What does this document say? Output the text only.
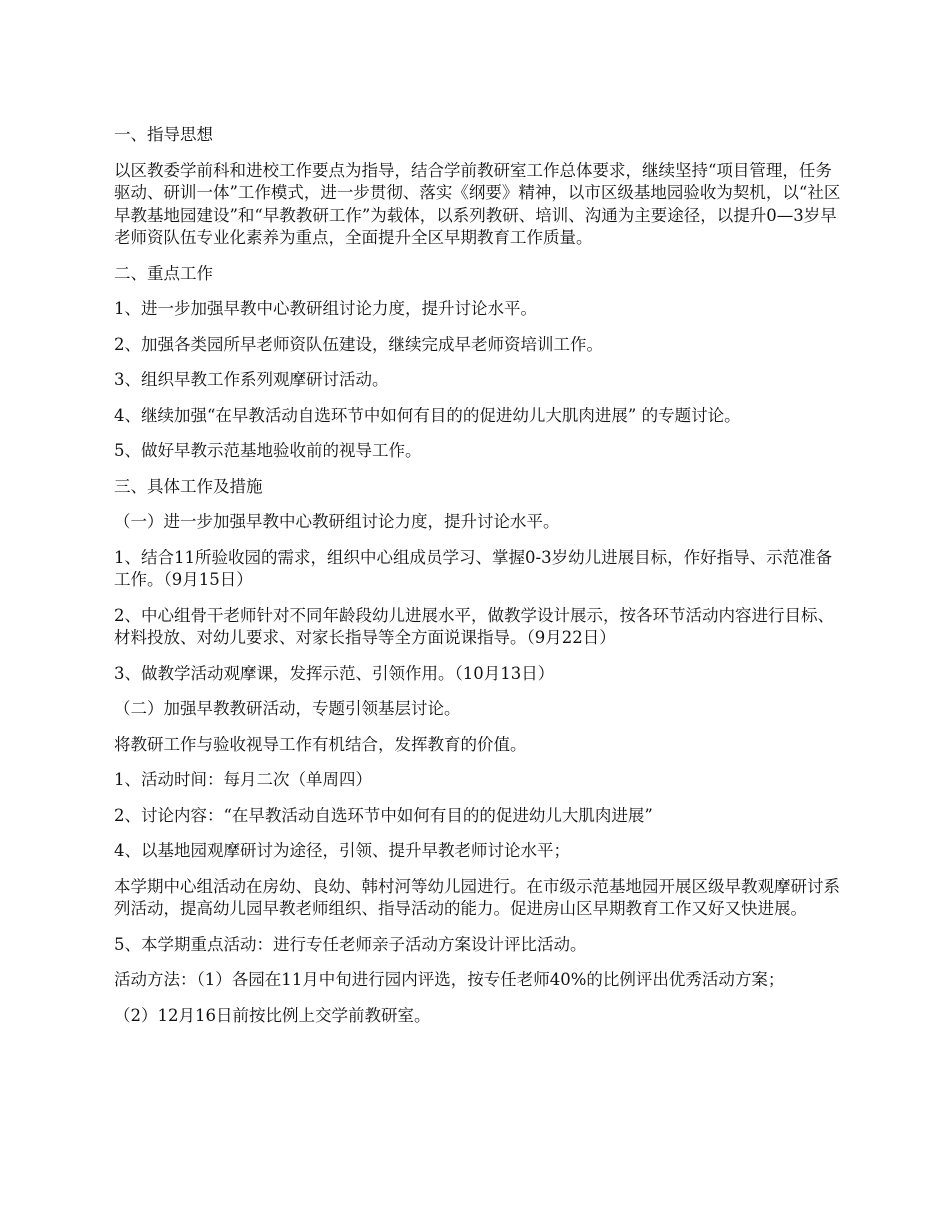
一、指导思想

以区教委学前科和进校工作要点为指导，结合学前教研室工作总体要求，继续坚持“项目管理，任务驱动、研训一体”工作模式，进一步贯彻、落实《纲要》精神，以市区级基地园验收为契机，以“社区早教基地园建设”和“早教教研工作”为载体，以系列教研、培训、沟通为主要途径，以提升0—3岁早老师资队伍专业化素养为重点，全面提升全区早期教育工作质量。

二、重点工作

1、进一步加强早教中心教研组讨论力度，提升讨论水平。

2、加强各类园所早老师资队伍建设，继续完成早老师资培训工作。

3、组织早教工作系列观摩研讨活动。

4、继续加强“在早教活动自选环节中如何有目的的促进幼儿大肌肉进展” 的专题讨论。

5、做好早教示范基地验收前的视导工作。

三、具体工作及措施

（一）进一步加强早教中心教研组讨论力度，提升讨论水平。

1、结合11所验收园的需求，组织中心组成员学习、掌握0-3岁幼儿进展目标，作好指导、示范准备工作。（9月15日）

2、中心组骨干老师针对不同年龄段幼儿进展水平，做教学设计展示，按各环节活动内容进行目标、材料投放、对幼儿要求、对家长指导等全方面说课指导。（9月22日）

3、做教学活动观摩课，发挥示范、引领作用。（10月13日）

（二）加强早教教研活动，专题引领基层讨论。

将教研工作与验收视导工作有机结合，发挥教育的价值。

1、活动时间：每月二次（单周四）

2、讨论内容：“在早教活动自选环节中如何有目的的促进幼儿大肌肉进展”

4、以基地园观摩研讨为途径，引领、提升早教老师讨论水平；

本学期中心组活动在房幼、良幼、韩村河等幼儿园进行。在市级示范基地园开展区级早教观摩研讨系列活动，提高幼儿园早教老师组织、指导活动的能力。促进房山区早期教育工作又好又快进展。

5、本学期重点活动：进行专任老师亲子活动方案设计评比活动。

活动方法：（1）各园在11月中旬进行园内评选，按专任老师40%的比例评出优秀活动方案；

（2）12月16日前按比例上交学前教研室。
